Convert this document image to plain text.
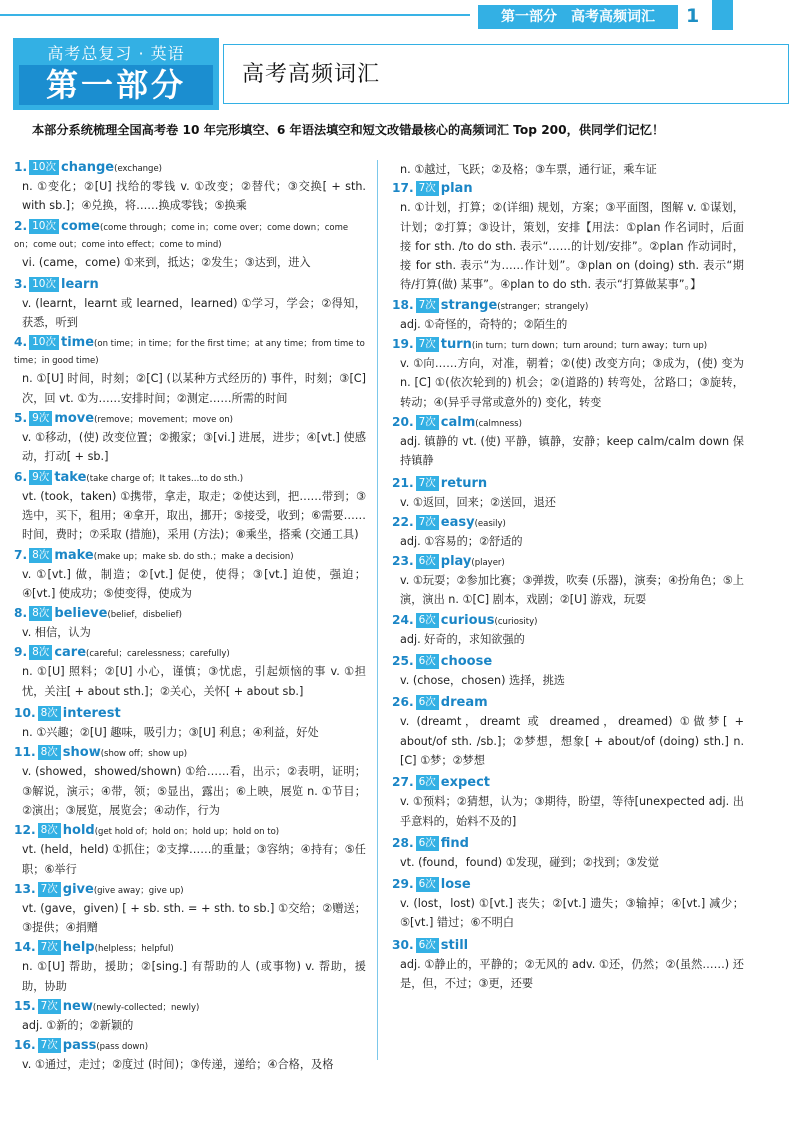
第一部分　高考高频词汇	1
高考总复习 · 英语
第一部分	高考高频词汇
本部分系统梳理全国高考卷 10 年完形填空、6 年语法填空和短文改错最核心的高频词汇 Top 200，供同学们记忆！
1. 10次 change(exchange)
n. ①变化；②[U] 找给的零钱 v. ①改变；②替代；③交换[ + sth. with sb.]；④兑换，将……换成零钱；⑤换乘
2. 10次 come(come through；come in；come over；come down；come on；come out；come into effect；come to mind)
vi. (came，come) ①来到，抵达；②发生；③达到，进入
3. 10次 learn
v. (learnt，learnt 或 learned，learned) ①学习，学会；②得知，获悉，听到
4. 10次 time(on time；in time；for the first time；at any time；from time to time；in good time)
n. ①[U] 时间，时刻；②[C] (以某种方式经历的) 事件，时刻；③[C] 次，回 vt. ①为……安排时间；②测定……所需的时间
5. 9次 move(remove；movement；move on)
v. ①移动，(使) 改变位置；②搬家；③[vi.] 进展，进步；④[vt.] 使感动，打动[ + sb.]
6. 9次 take(take charge of；It takes…to do sth.)
vt. (took，taken) ①携带，拿走，取走；②使达到，把……带到；③选中，买下，租用；④拿开，取出，挪开；⑤接受，收到；⑥需要……时间，费时；⑦采取 (措施)，采用 (方法)；⑧乘坐，搭乘 (交通工具)
7. 8次 make(make up；make sb. do sth.；make a decision)
v. ①[vt.] 做，制造；②[vt.] 促使，使得；③[vt.] 迫使，强迫；④[vt.] 使成功；⑤使变得，使成为
8. 8次 believe(belief，disbelief)
v. 相信，认为
9. 8次 care(careful；carelessness；carefully)
n. ①[U] 照料；②[U] 小心，谨慎；③忧虑，引起烦恼的事 v. ①担忧，关注[ + about sth.]；②关心，关怀[ + about sb.]
10. 8次 interest
n. ①兴趣；②[U] 趣味，吸引力；③[U] 利息；④利益，好处
11. 8次 show(show off；show up)
v. (showed，showed/shown) ①给……看，出示；②表明，证明；③解说，演示；④带，领；⑤显出，露出；⑥上映，展览 n. ①节目；②演出；③展览，展览会；④动作，行为
12. 8次 hold(get hold of；hold on；hold up；hold on to)
vt. (held，held) ①抓住；②支撑……的重量；③容纳；④持有；⑤任职；⑥举行
13. 7次 give(give away；give up)
vt. (gave，given) [ + sb. sth. = + sth. to sb.] ①交给；②赠送；③提供；④捐赠
14. 7次 help(helpless；helpful)
n. ①[U] 帮助，援助；②[sing.] 有帮助的人 (或事物) v. 帮助，援助，协助
15. 7次 new(newly-collected；newly)
adj. ①新的；②新颖的
16. 7次 pass(pass down)
v. ①通过，走过；②度过 (时间)；③传递，递给；④合格，及格
n. ①越过，飞跃；②及格；③车票，通行证，乘车证
17. 7次 plan
n. ①计划，打算；②(详细) 规划，方案；③平面图，图解 v. ①谋划，计划；②打算；③设计，策划，安排【用法：①plan 作名词时，后面接 for sth. /to do sth. 表示“……的计划/安排”。②plan 作动词时，接 for sth. 表示“为……作计划”。③plan on (doing) sth. 表示“期待/打算(做) 某事”。④plan to do sth. 表示“打算做某事”。】
18. 7次 strange(stranger；strangely)
adj. ①奇怪的，奇特的；②陌生的
19. 7次 turn(in turn；turn down；turn around；turn away；turn up)
v. ①向……方向，对准，朝着；②(使) 改变方向；③成为，(使) 变为 n. [C] ①(依次轮到的) 机会；②(道路的) 转弯处，岔路口；③旋转，转动；④(异乎寻常或意外的) 变化，转变
20. 7次 calm(calmness)
adj. 镇静的 vt. (使) 平静，镇静，安静；keep calm/calm down 保持镇静
21. 7次 return
v. ①返回，回来；②送回，退还
22. 7次 easy(easily)
adj. ①容易的；②舒适的
23. 6次 play(player)
v. ①玩耍；②参加比赛；③弹拨，吹奏 (乐器)，演奏；④扮角色；⑤上演，演出 n. ①[C] 剧本，戏剧；②[U] 游戏，玩耍
24. 6次 curious(curiosity)
adj. 好奇的，求知欲强的
25. 6次 choose
v. (chose，chosen) 选择，挑选
26. 6次 dream
v. (dreamt，dreamt 或 dreamed，dreamed) ①做梦[ + about/of sth. /sb.]；②梦想，想象[ + about/of (doing) sth.] n. [C] ①梦；②梦想
27. 6次 expect
v. ①预料；②猜想，认为；③期待，盼望，等待[unexpected adj. 出乎意料的，始料不及的]
28. 6次 find
vt. (found，found) ①发现，碰到；②找到；③发觉
29. 6次 lose
v. (lost，lost) ①[vt.] 丧失；②[vt.] 遗失；③输掉；④[vt.] 减少；⑤[vt.] 错过；⑥不明白
30. 6次 still
adj. ①静止的，平静的；②无风的 adv. ①还，仍然；②(虽然……) 还是，但，不过；③更，还要
